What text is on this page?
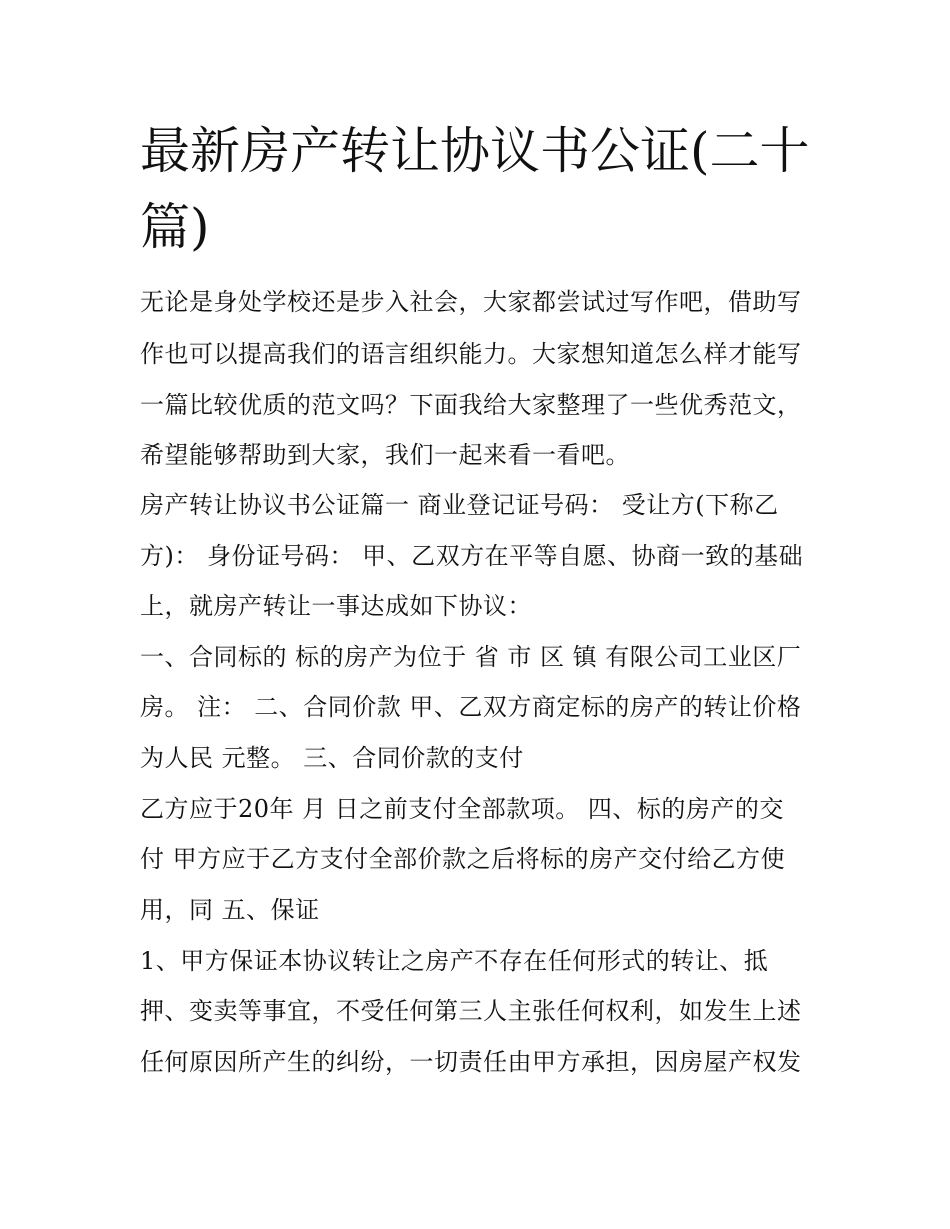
最新房产转让协议书公证(二十
篇)
无论是身处学校还是步入社会，大家都尝试过写作吧，借助写
作也可以提高我们的语言组织能力。大家想知道怎么样才能写
一篇比较优质的范文吗？下面我给大家整理了一些优秀范文，
希望能够帮助到大家，我们一起来看一看吧。
房产转让协议书公证篇一 商业登记证号码： 受让方(下称乙
方)： 身份证号码： 甲、乙双方在平等自愿、协商一致的基础
上，就房产转让一事达成如下协议：
一、合同标的 标的房产为位于 省 市 区 镇 有限公司工业区厂
房。 注： 二、合同价款 甲、乙双方商定标的房产的转让价格
为人民 元整。 三、合同价款的支付
乙方应于20年 月 日之前支付全部款项。 四、标的房产的交
付 甲方应于乙方支付全部价款之后将标的房产交付给乙方使
用，同 五、保证
1、甲方保证本协议转让之房产不存在任何形式的转让、抵
押、变卖等事宜，不受任何第三人主张任何权利，如发生上述
任何原因所产生的纠纷，一切责任由甲方承担，因房屋产权发
